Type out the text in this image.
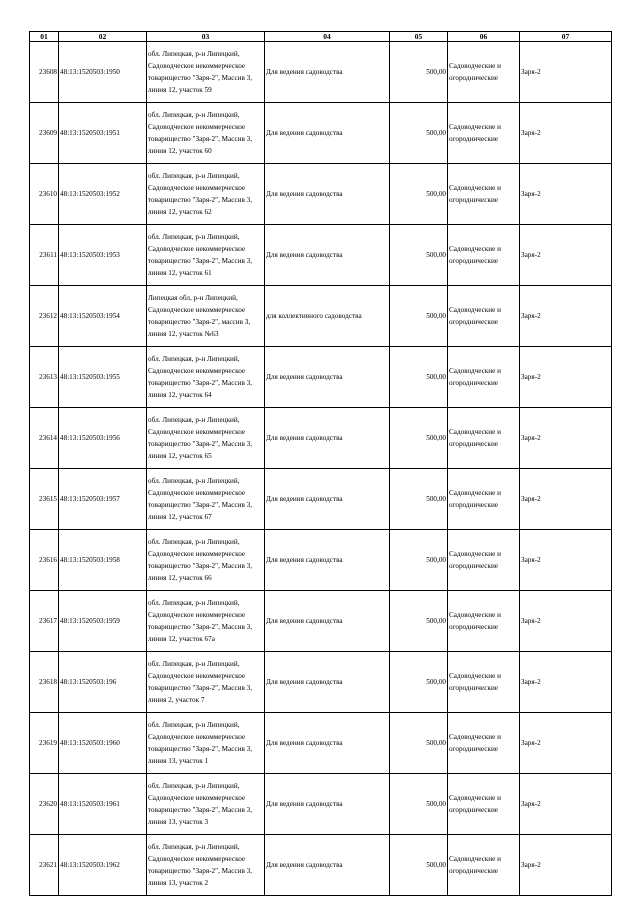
01	02	03	04	05	06	07	
23608	48:13:1520503:1950	обл. Липецкая, р-н Липецкий, Садоводческое некоммерческое товарищество "Заря-2", Массив 3, линия 12, участок 59	Для ведения садоводства	500,00	Садоводческие и огороднические	Заря-2	
23609	48:13:1520503:1951	обл. Липецкая, р-н Липецкий, Садоводческое некоммерческое товарищество "Заря-2", Массив 3, линия 12, участок 60	Для ведения садоводства	500,00	Садоводческие и огороднические	Заря-2	
23610	48:13:1520503:1952	обл. Липецкая, р-н Липецкий, Садоводческое некоммерческое товарищество "Заря-2", Массив 3, линия 12, участок 62	Для ведения садоводства	500,00	Садоводческие и огороднические	Заря-2	
23611	48:13:1520503:1953	обл. Липецкая, р-н Липецкий, Садоводческое некоммерческое товарищество "Заря-2", Массив 3, линия 12, участок 61	Для ведения садоводства	500,00	Садоводческие и огороднические	Заря-2	
23612	48:13:1520503:1954	Липецкая обл, р-н Липецкий, Садоводческое некоммерческое товарищество "Заря-2", массив 3, линия 12, участок №63	для коллективного садоводства	500,00	Садоводческие и огороднические	Заря-2	
23613	48:13:1520503:1955	обл. Липецкая, р-н Липецкий, Садоводческое некоммерческое товарищество "Заря-2", Массив 3, линия 12, участок 64	Для ведения садоводства	500,00	Садоводческие и огороднические	Заря-2	
23614	48:13:1520503:1956	обл. Липецкая, р-н Липецкий, Садоводческое некоммерческое товарищество "Заря-2", Массив 3, линия 12, участок 65	Для ведения садоводства	500,00	Садоводческие и огороднические	Заря-2	
23615	48:13:1520503:1957	обл. Липецкая, р-н Липецкий, Садоводческое некоммерческое товарищество "Заря-2", Массив 3, линия 12, участок 67	Для ведения садоводства	500,00	Садоводческие и огороднические	Заря-2	
23616	48:13:1520503:1958	обл. Липецкая, р-н Липецкий, Садоводческое некоммерческое товарищество "Заря-2", Массив 3, линия 12, участок 66	Для ведения садоводства	500,00	Садоводческие и огороднические	Заря-2	
23617	48:13:1520503:1959	обл. Липецкая, р-н Липецкий, Садоводческое некоммерческое товарищество "Заря-2", Массив 3, линия 12, участок 67а	Для ведения садоводства	500,00	Садоводческие и огороднические	Заря-2	
23618	48:13:1520503:196	обл. Липецкая, р-н Липецкий, Садоводческое некоммерческое товарищество "Заря-2", Массив 3, линия 2, участок 7	Для ведения садоводства	500,00	Садоводческие и огороднические	Заря-2	
23619	48:13:1520503:1960	обл. Липецкая, р-н Липецкий, Садоводческое некоммерческое товарищество "Заря-2", Массив 3, линия 13, участок 1	Для ведения садоводства	500,00	Садоводческие и огороднические	Заря-2	
23620	48:13:1520503:1961	обл. Липецкая, р-н Липецкий, Садоводческое некоммерческое товарищество "Заря-2", Массив 3, линия 13, участок 3	Для ведения садоводства	500,00	Садоводческие и огороднические	Заря-2	
23621	48:13:1520503:1962	обл. Липецкая, р-н Липецкий, Садоводческое некоммерческое товарищество "Заря-2", Массив 3, линия 13, участок 2	Для ведения садоводства	500,00	Садоводческие и огороднические	Заря-2	
